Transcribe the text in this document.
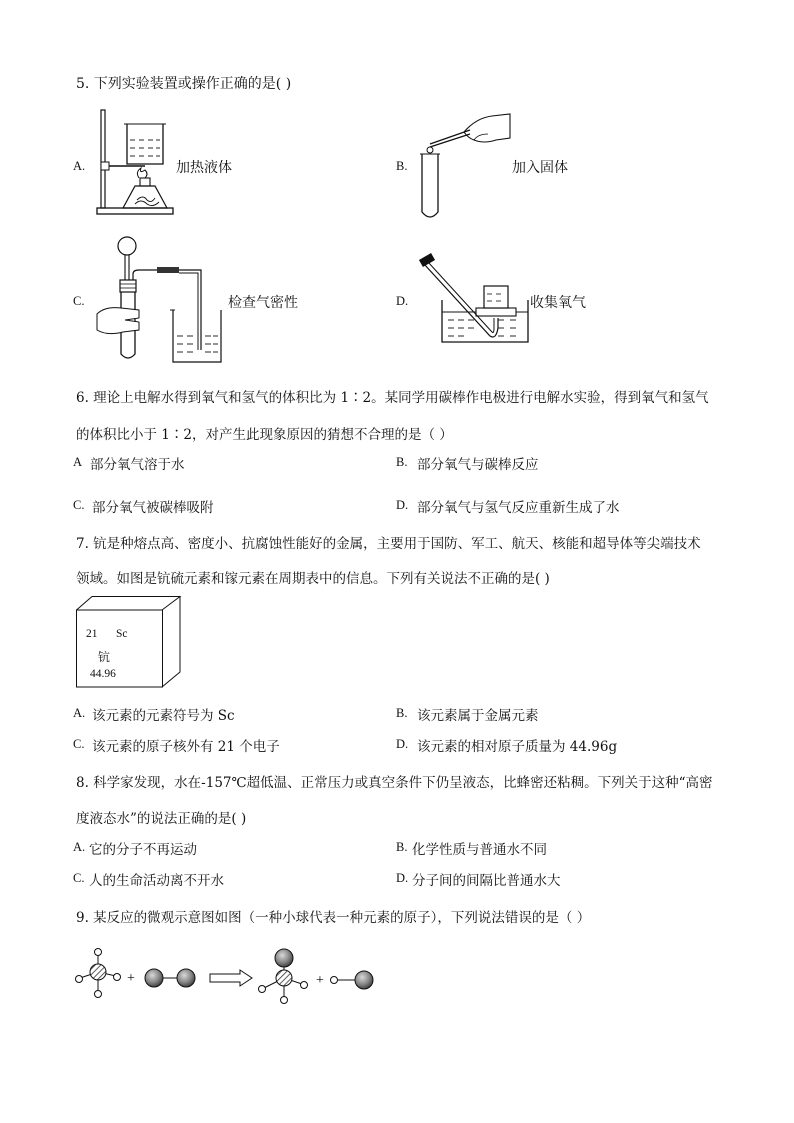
5. 下列实验装置或操作正确的是( )
A.	加热液体	B.	加入固体
C.	检查气密性	D.	收集氧气
6. 理论上电解水得到氧气和氢气的体积比为 1∶2。某同学用碳棒作电极进行电解水实验，得到氧气和氢气
的体积比小于 1∶2，对产生此现象原因的猜想不合理的是（ ）
A 部分氧气溶于水	B. 部分氧气与碳棒反应
C. 部分氧气被碳棒吸附	D. 部分氧气与氢气反应重新生成了水
7. 钪是种熔点高、密度小、抗腐蚀性能好的金属，主要用于国防、军工、航天、核能和超导体等尖端技术
领域。如图是钪硫元素和镓元素在周期表中的信息。下列有关说法不正确的是( )
21 Sc
钪
44.96
A. 该元素的元素符号为 Sc	B. 该元素属于金属元素
C. 该元素的原子核外有 21 个电子	D. 该元素的相对原子质量为 44.96g
8. 科学家发现，水在-157℃超低温、正常压力或真空条件下仍呈液态，比蜂密还粘稠。下列关于这种“高密
度液态水”的说法正确的是( )
A. 它的分子不再运动	B. 化学性质与普通水不同
C. 人的生命活动离不开水	D. 分子间的间隔比普通水大
9. 某反应的微观示意图如图（一种小球代表一种元素的原子），下列说法错误的是（ ）
+	+
